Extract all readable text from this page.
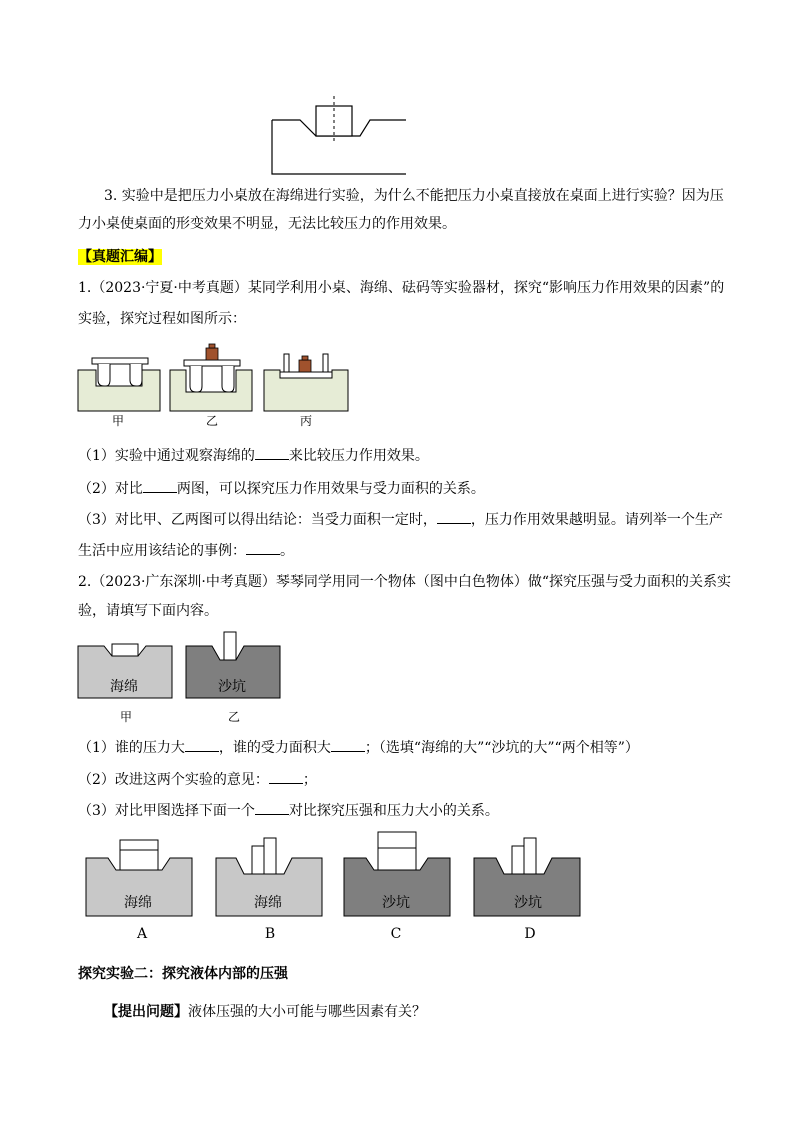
3. 实验中是把压力小桌放在海绵进行实验，为什么不能把压力小桌直接放在桌面上进行实验？因为压
力小桌使桌面的形变效果不明显，无法比较压力的作用效果。
【真题汇编】
1.（2023·宁夏·中考真题）某同学利用小桌、海绵、砝码等实验器材，探究“影响压力作用效果的因素”的
实验，探究过程如图所示：
甲	乙	丙
（1）实验中通过观察海绵的 来比较压力作用效果。
（2）对比 两图，可以探究压力作用效果与受力面积的关系。
（3）对比甲、乙两图可以得出结论：当受力面积一定时， ，压力作用效果越明显。请列举一个生产
生活中应用该结论的事例： 。
2.（2023·广东深圳·中考真题）琴琴同学用同一个物体（图中白色物体）做“探究压强与受力面积的关系实
验，请填写下面内容。
海绵	沙坑
甲	乙
（1）谁的压力大 ，谁的受力面积大 ；（选填“海绵的大”“沙坑的大”“两个相等”）
（2）改进这两个实验的意见： ；
（3）对比甲图选择下面一个 对比探究压强和压力大小的关系。
海绵	海绵	沙坑	沙坑
A	B	C	D
探究实验二：探究液体内部的压强
【提出问题】液体压强的大小可能与哪些因素有关？
